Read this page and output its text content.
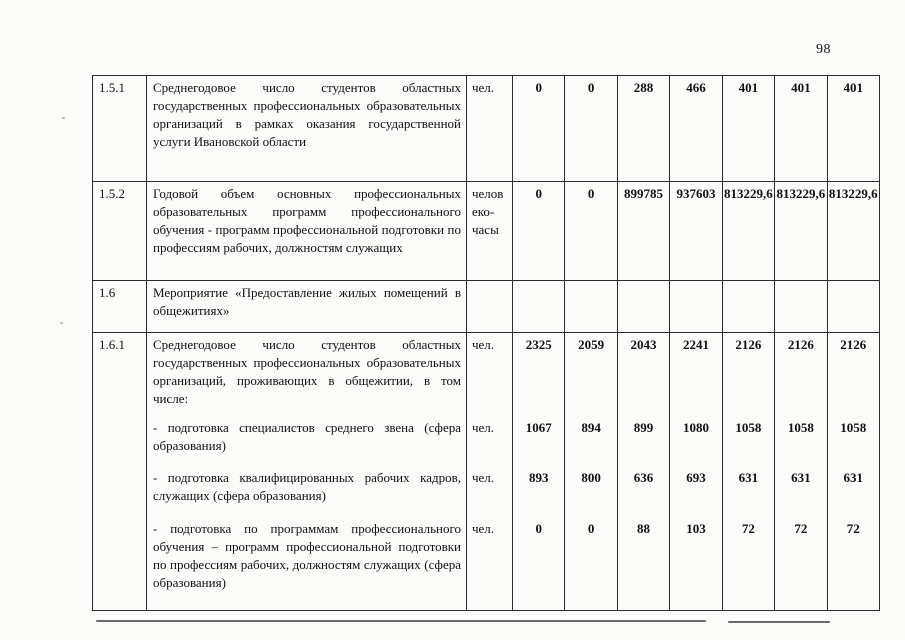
98
1.5.1	Среднегодовое число студентов областных государственных профессиональных образовательных организаций в рамках оказания государственной услуги Ивановской области	чел.	0	0	288	466	401	401	401
1.5.2	Годовой объем основных профессиональных образовательных программ профессионального обучения - программ профессиональной подготовки по профессиям рабочих, должностям служащих	человеко-часы	0	0	899785	937603	813229,6	813229,6	813229,6
1.6	Мероприятие «Предоставление жилых помещений в общежитиях»								
1.6.1	Среднегодовое число студентов областных государственных профессиональных образовательных организаций, проживающих в общежитии, в том числе:	чел.	2325	2059	2043	2241	2126	2126	2126
	- подготовка специалистов среднего звена (сфера образования)	чел.	1067	894	899	1080	1058	1058	1058
	- подготовка квалифицированных рабочих кадров, служащих (сфера образования)	чел.	893	800	636	693	631	631	631
	- подготовка по программам профессионального обучения – программ профессиональной подготовки по профессиям рабочих, должностям служащих (сфера образования)	чел.	0	0	88	103	72	72	72
